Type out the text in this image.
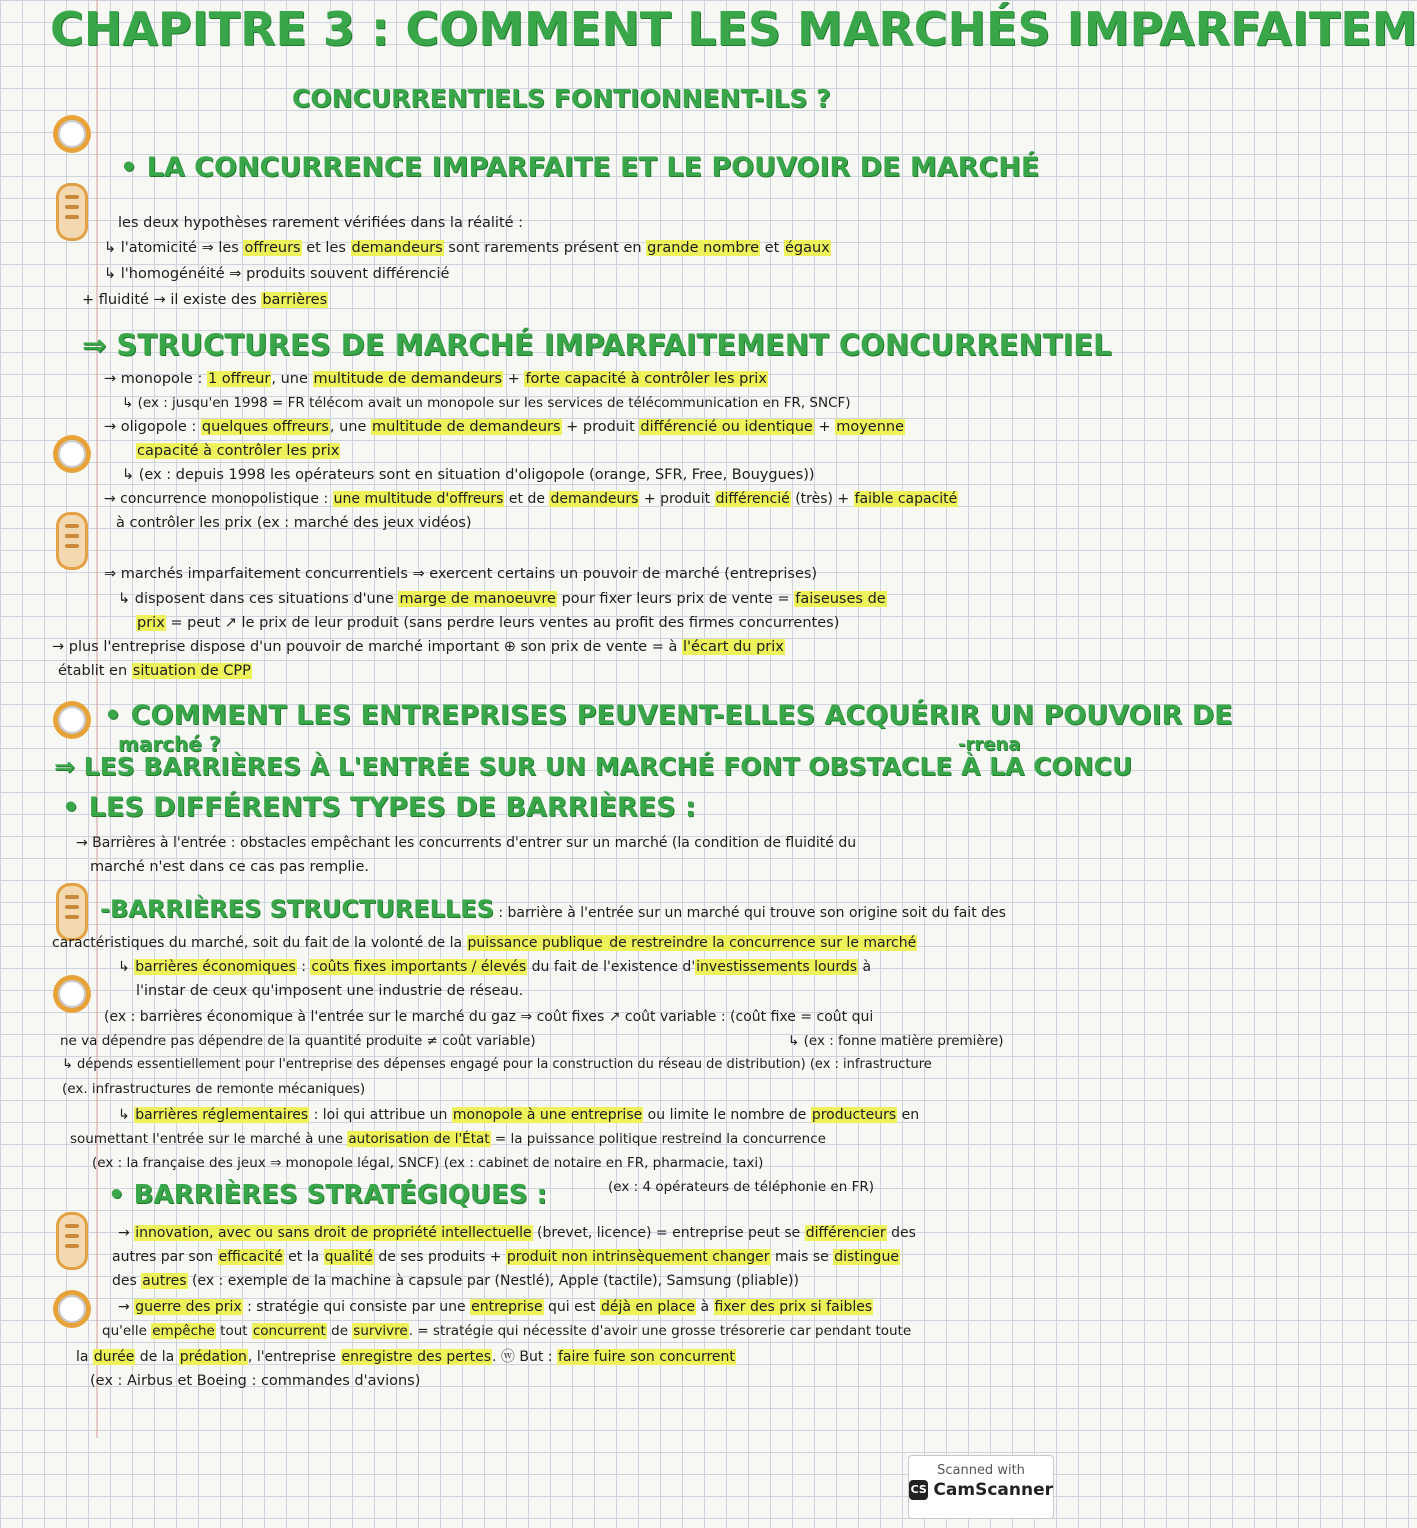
CHAPITRE 3 : COMMENT LES MARCHÉS IMPARFAITEM
CONCURRENTIELS FONTIONNENT-ILS ?
• LA CONCURRENCE IMPARFAITE ET LE POUVOIR DE MARCHÉ
les deux hypothèses rarement vérifiées dans la réalité :
↳ l'atomicité ⇒ les offreurs et les demandeurs sont rarements présent en grande nombre et égaux
↳ l'homogénéité ⇒ produits souvent différencié
+ fluidité → il existe des barrières
⇒ STRUCTURES DE MARCHÉ IMPARFAITEMENT CONCURRENTIEL
→ monopole : 1 offreur, une multitude de demandeurs + forte capacité à contrôler les prix
↳ (ex : jusqu'en 1998 = FR télécom avait un monopole sur les services de télécommunication en FR, SNCF)
→ oligopole : quelques offreurs, une multitude de demandeurs + produit différencié ou identique + moyenne
capacité à contrôler les prix
↳ (ex : depuis 1998 les opérateurs sont en situation d'oligopole (orange, SFR, Free, Bouygues))
→ concurrence monopolistique : une multitude d'offreurs et de demandeurs + produit différencié (très) + faible capacité
à contrôler les prix (ex : marché des jeux vidéos)
⇒ marchés imparfaitement concurrentiels ⇒ exercent certains un pouvoir de marché (entreprises)
↳ disposent dans ces situations d'une marge de manoeuvre pour fixer leurs prix de vente = faiseuses de
prix = peut ↗ le prix de leur produit (sans perdre leurs ventes au profit des firmes concurrentes)
→ plus l'entreprise dispose d'un pouvoir de marché important ⊕ son prix de vente = à l'écart du prix
établit en situation de CPP
• COMMENT LES ENTREPRISES PEUVENT-ELLES ACQUÉRIR UN POUVOIR DE
marché ?	-rrena
⇒ LES BARRIÈRES À L'ENTRÉE SUR UN MARCHÉ FONT OBSTACLE À LA CONCU
• LES DIFFÉRENTS TYPES DE BARRIÈRES :
→ Barrières à l'entrée : obstacles empêchant les concurrents d'entrer sur un marché (la condition de fluidité du
marché n'est dans ce cas pas remplie.
-BARRIÈRES STRUCTURELLES : barrière à l'entrée sur un marché qui trouve son origine soit du fait des
caractéristiques du marché, soit du fait de la volonté de la puissance publique de restreindre la concurrence sur le marché
↳ barrières économiques : coûts fixes importants / élevés du fait de l'existence d'investissements lourds à
l'instar de ceux qu'imposent une industrie de réseau.
(ex : barrières économique à l'entrée sur le marché du gaz ⇒ coût fixes ↗ coût variable : (coût fixe = coût qui
ne va dépendre pas dépendre de la quantité produite ≠ coût variable)	↳ (ex : fonne matière première)
↳ dépends essentiellement pour l'entreprise des dépenses engagé pour la construction du réseau de distribution) (ex : infrastructure
(ex. infrastructures de remonte mécaniques)
↳ barrières réglementaires : loi qui attribue un monopole à une entreprise ou limite le nombre de producteurs en
soumettant l'entrée sur le marché à une autorisation de l'État = la puissance politique restreind la concurrence
(ex : la française des jeux ⇒ monopole légal, SNCF) (ex : cabinet de notaire en FR, pharmacie, taxi)
(ex : 4 opérateurs de téléphonie en FR)
• BARRIÈRES STRATÉGIQUES :
→ innovation, avec ou sans droit de propriété intellectuelle (brevet, licence) = entreprise peut se différencier des
autres par son efficacité et la qualité de ses produits + produit non intrinsèquement changer mais se distingue
des autres (ex : exemple de la machine à capsule par (Nestlé), Apple (tactile), Samsung (pliable))
→ guerre des prix : stratégie qui consiste par une entreprise qui est déjà en place à fixer des prix si faibles
qu'elle empêche tout concurrent de survivre. = stratégie qui nécessite d'avoir une grosse trésorerie car pendant toute
la durée de la prédation, l'entreprise enregistre des pertes. ⓦ But : faire fuire son concurrent
(ex : Airbus et Boeing : commandes d'avions)
Scanned with
CS CamScanner
